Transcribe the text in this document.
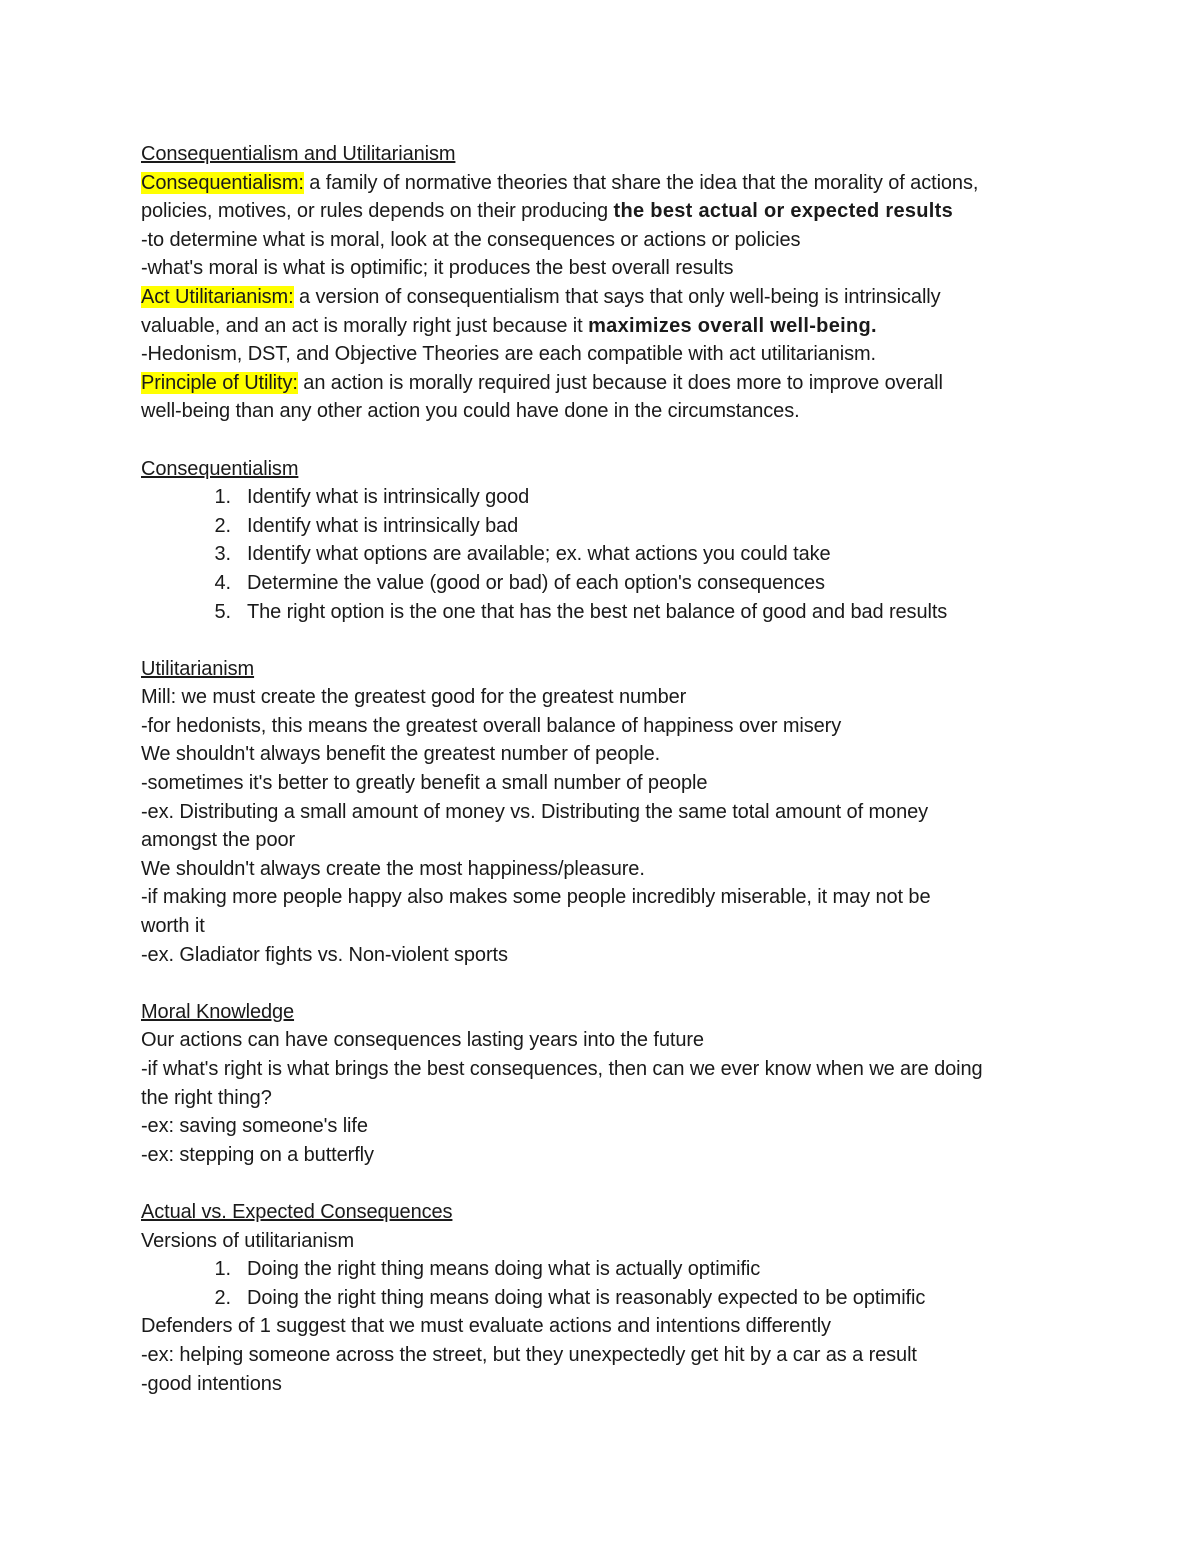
Consequentialism and Utilitarianism
Consequentialism: a family of normative theories that share the idea that the morality of actions,
policies, motives, or rules depends on their producing the best actual or expected results
-to determine what is moral, look at the consequences or actions or policies
-what's moral is what is optimific; it produces the best overall results
Act Utilitarianism: a version of consequentialism that says that only well-being is intrinsically
valuable, and an act is morally right just because it maximizes overall well-being.
-Hedonism, DST, and Objective Theories are each compatible with act utilitarianism.
Principle of Utility: an action is morally required just because it does more to improve overall
well-being than any other action you could have done in the circumstances.
Consequentialism
1. Identify what is intrinsically good
2. Identify what is intrinsically bad
3. Identify what options are available; ex. what actions you could take
4. Determine the value (good or bad) of each option's consequences
5. The right option is the one that has the best net balance of good and bad results
Utilitarianism
Mill: we must create the greatest good for the greatest number
-for hedonists, this means the greatest overall balance of happiness over misery
We shouldn't always benefit the greatest number of people.
-sometimes it's better to greatly benefit a small number of people
-ex. Distributing a small amount of money vs. Distributing the same total amount of money
amongst the poor
We shouldn't always create the most happiness/pleasure.
-if making more people happy also makes some people incredibly miserable, it may not be
worth it
-ex. Gladiator fights vs. Non-violent sports
Moral Knowledge
Our actions can have consequences lasting years into the future
-if what's right is what brings the best consequences, then can we ever know when we are doing
the right thing?
-ex: saving someone's life
-ex: stepping on a butterfly
Actual vs. Expected Consequences
Versions of utilitarianism
1. Doing the right thing means doing what is actually optimific
2. Doing the right thing means doing what is reasonably expected to be optimific
Defenders of 1 suggest that we must evaluate actions and intentions differently
-ex: helping someone across the street, but they unexpectedly get hit by a car as a result
-good intentions
